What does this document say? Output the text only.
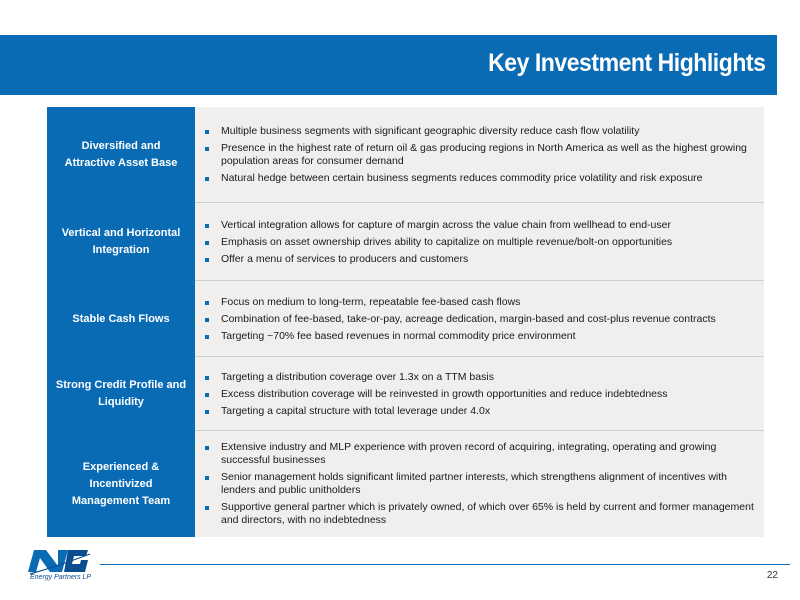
Key Investment Highlights
Diversified and
Attractive Asset Base
Multiple business segments with significant geographic diversity reduce cash flow volatility
Presence in the highest rate of return oil & gas producing regions in North America as well as the highest growing population areas for consumer demand
Natural hedge between certain business segments reduces commodity price volatility and risk exposure
Vertical and Horizontal
Integration
Vertical integration allows for capture of margin across the value chain from wellhead to end-user
Emphasis on asset ownership drives ability to capitalize on multiple revenue/bolt-on opportunities
Offer a menu of services to producers and customers
Stable Cash Flows
Focus on medium to long-term, repeatable fee-based cash flows
Combination of fee-based, take-or-pay, acreage dedication, margin-based and cost-plus revenue contracts
Targeting ~70% fee based revenues in normal commodity price environment
Strong Credit Profile and
Liquidity
Targeting a distribution coverage over 1.3x on a TTM basis
Excess distribution coverage will be reinvested in growth opportunities and reduce indebtedness
Targeting a capital structure with total leverage under 4.0x
Experienced & Incentivized
Management Team
Extensive industry and MLP experience with proven record of acquiring, integrating, operating and growing successful businesses
Senior management holds significant limited partner interests, which strengthens alignment of incentives with lenders and public unitholders
Supportive general partner which is privately owned, of which over 65% is held by current and former management and directors, with no indebtedness
Energy Partners LP	22
